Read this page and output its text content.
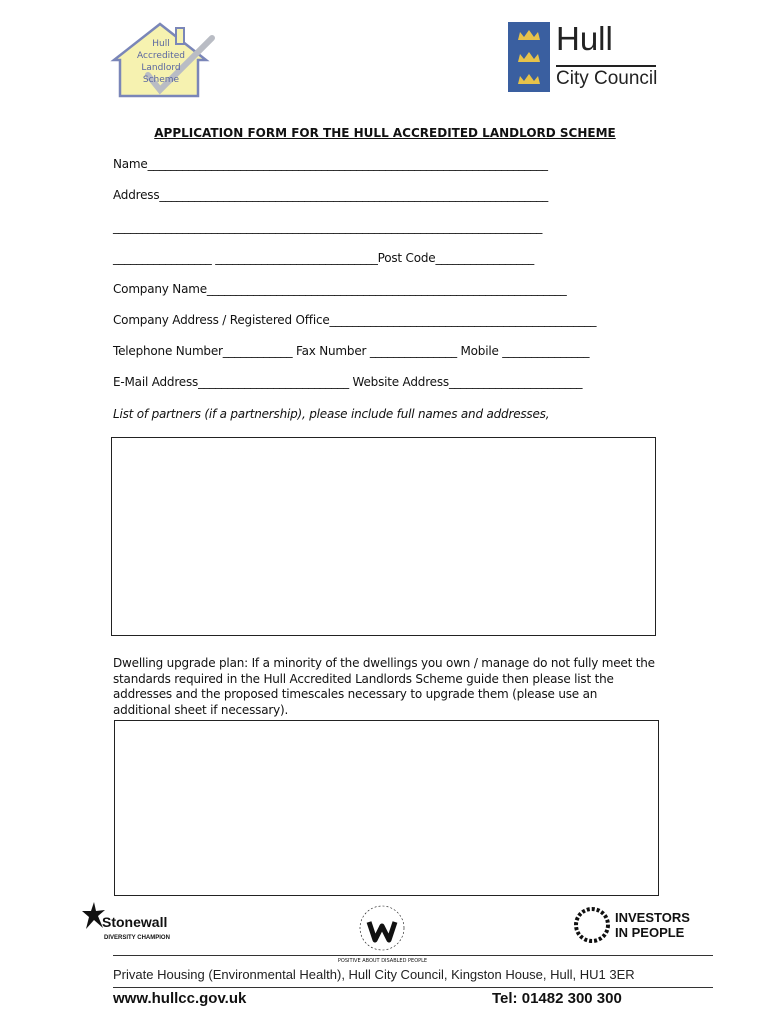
Hull
Accredited
Landlord
Scheme
Hull
City Council
APPLICATION FORM FOR THE HULL ACCREDITED LANDLORD SCHEME
Name_____________________________________________________________________
Address___________________________________________________________________
__________________________________________________________________________
_________________ ____________________________Post Code_________________
Company Name______________________________________________________________
Company Address / Registered Office______________________________________________
Telephone Number____________ Fax Number _______________ Mobile _______________
E-Mail Address__________________________ Website Address_______________________
List of partners (if a partnership), please include full names and addresses,
Dwelling upgrade plan: If a minority of the dwellings you own / manage do not fully meet the standards required in the Hull Accredited Landlords Scheme guide then please list the addresses and the proposed timescales necessary to upgrade them (please use an additional sheet if necessary).
Stonewall
DIVERSITY CHAMPION
POSITIVE ABOUT DISABLED PEOPLE
INVESTORS
IN PEOPLE
Private Housing (Environmental Health), Hull City Council, Kingston House, Hull, HU1 3ER
www.hullcc.gov.uk	Tel: 01482 300 300
